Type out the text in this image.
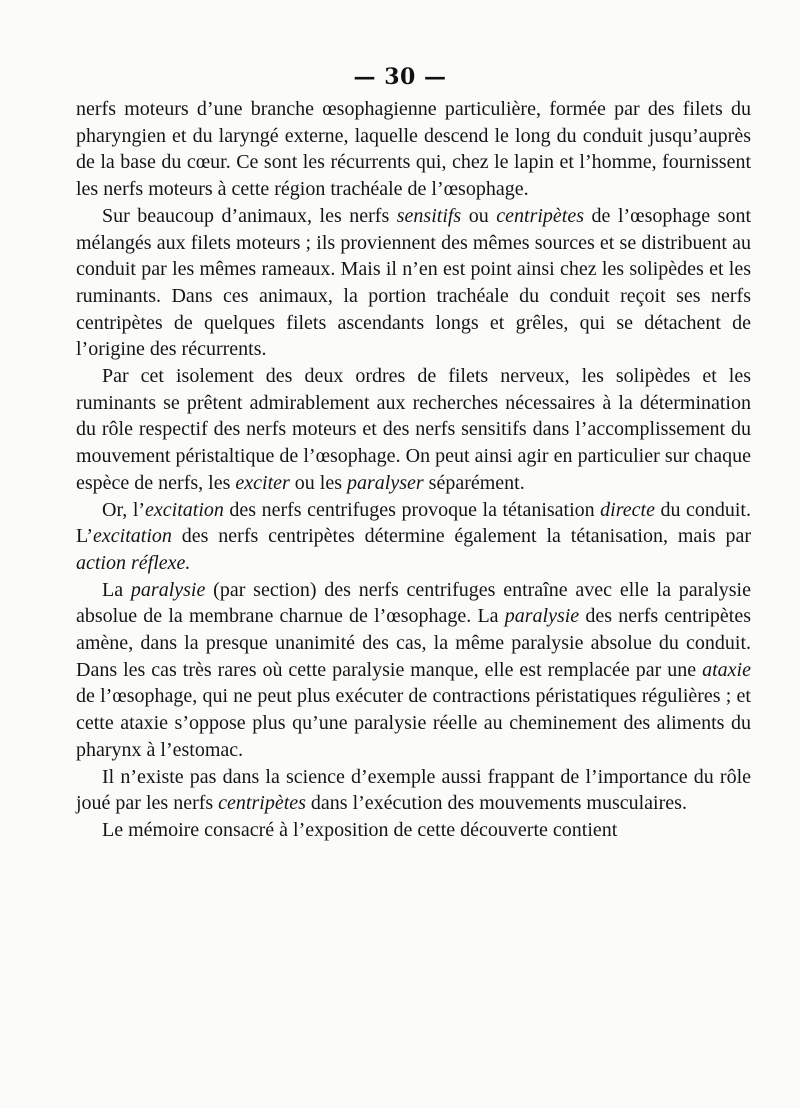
— 30 —

nerfs moteurs d’une branche œsophagienne particulière, formée par des filets du pharyngien et du laryngé externe, laquelle descend le long du conduit jusqu’auprès de la base du cœur. Ce sont les récurrents qui, chez le lapin et l’homme, fournissent les nerfs moteurs à cette région trachéale de l’œsophage.

Sur beaucoup d’animaux, les nerfs sensitifs ou centripètes de l’œsophage sont mélangés aux filets moteurs ; ils proviennent des mêmes sources et se distribuent au conduit par les mêmes rameaux. Mais il n’en est point ainsi chez les solipèdes et les ruminants. Dans ces animaux, la portion trachéale du conduit reçoit ses nerfs centripètes de quelques filets ascendants longs et grêles, qui se détachent de l’origine des récurrents.

Par cet isolement des deux ordres de filets nerveux, les solipèdes et les ruminants se prêtent admirablement aux recherches nécessaires à la détermination du rôle respectif des nerfs moteurs et des nerfs sensitifs dans l’accomplissement du mouvement péristaltique de l’œsophage. On peut ainsi agir en particulier sur chaque espèce de nerfs, les exciter ou les paralyser séparément.

Or, l’excitation des nerfs centrifuges provoque la tétanisation directe du conduit. L’excitation des nerfs centripètes détermine également la tétanisation, mais par action réflexe.

La paralysie (par section) des nerfs centrifuges entraîne avec elle la paralysie absolue de la membrane charnue de l’œsophage. La paralysie des nerfs centripètes amène, dans la presque unanimité des cas, la même paralysie absolue du conduit. Dans les cas très rares où cette paralysie manque, elle est remplacée par une ataxie de l’œsophage, qui ne peut plus exécuter de contractions péristatiques régulières ; et cette ataxie s’oppose plus qu’une paralysie réelle au cheminement des aliments du pharynx à l’estomac.

Il n’existe pas dans la science d’exemple aussi frappant de l’importance du rôle joué par les nerfs centripètes dans l’exécution des mouvements musculaires.

Le mémoire consacré à l’exposition de cette découverte contient
